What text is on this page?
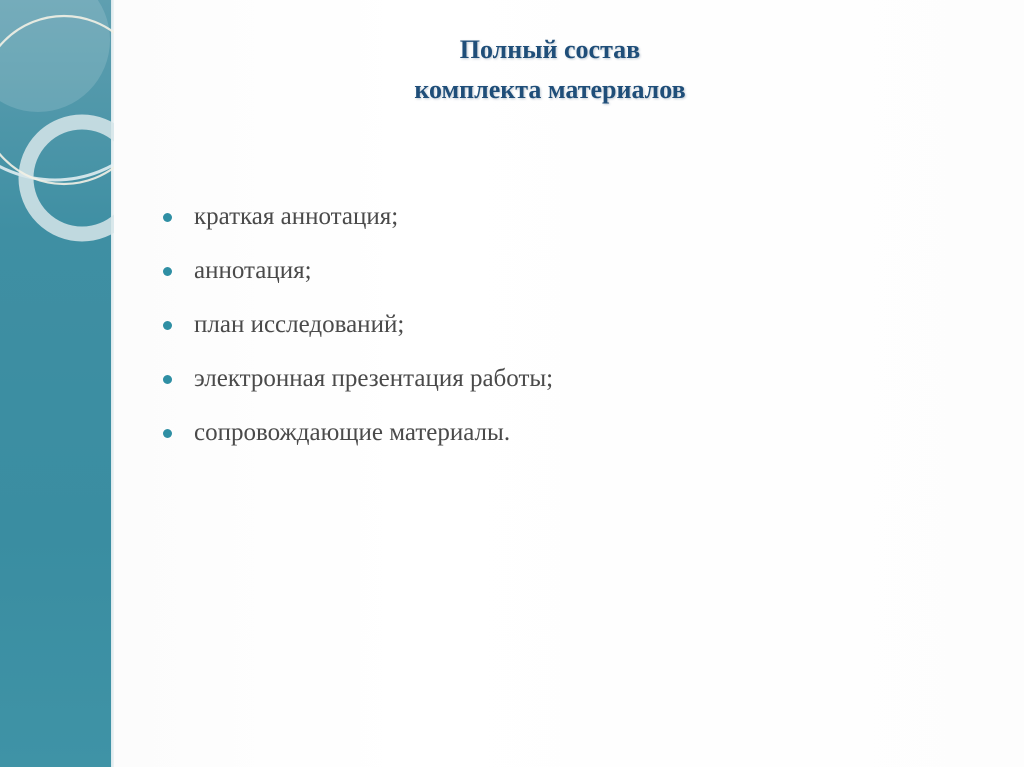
Полный состав
комплекта материалов
краткая аннотация;
аннотация;
план исследований;
электронная презентация работы;
сопровождающие материалы.
